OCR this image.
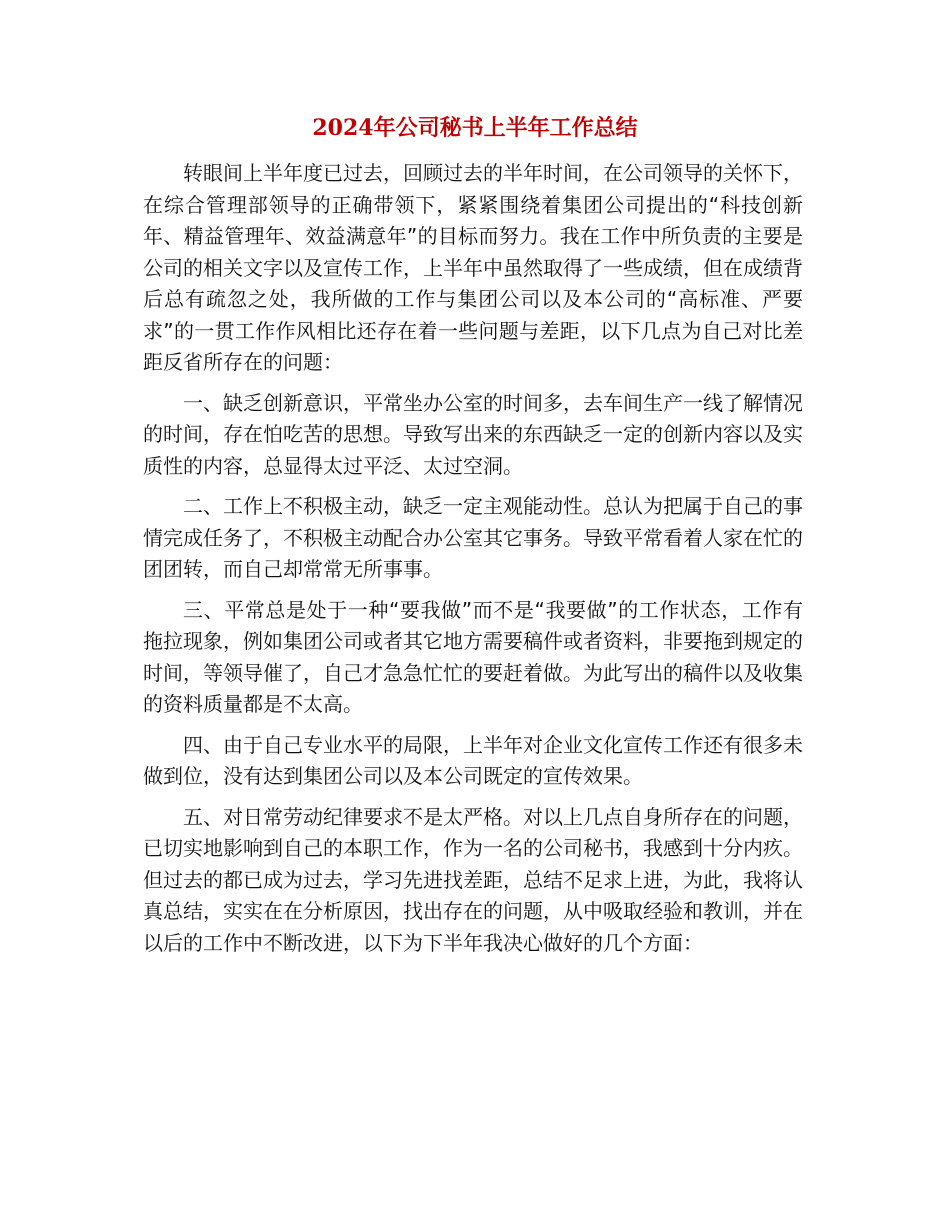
2024年公司秘书上半年工作总结

转眼间上半年度已过去，回顾过去的半年时间，在公司领导的关怀下，在综合管理部领导的正确带领下，紧紧围绕着集团公司提出的“科技创新年、精益管理年、效益满意年”的目标而努力。我在工作中所负责的主要是公司的相关文字以及宣传工作，上半年中虽然取得了一些成绩，但在成绩背后总有疏忽之处，我所做的工作与集团公司以及本公司的“高标准、严要求”的一贯工作作风相比还存在着一些问题与差距，以下几点为自己对比差距反省所存在的问题：

一、缺乏创新意识，平常坐办公室的时间多，去车间生产一线了解情况的时间，存在怕吃苦的思想。导致写出来的东西缺乏一定的创新内容以及实质性的内容，总显得太过平泛、太过空洞。

二、工作上不积极主动，缺乏一定主观能动性。总认为把属于自己的事情完成任务了，不积极主动配合办公室其它事务。导致平常看着人家在忙的团团转，而自己却常常无所事事。

三、平常总是处于一种“要我做”而不是“我要做”的工作状态，工作有拖拉现象，例如集团公司或者其它地方需要稿件或者资料，非要拖到规定的时间，等领导催了，自己才急急忙忙的要赶着做。为此写出的稿件以及收集的资料质量都是不太高。

四、由于自己专业水平的局限，上半年对企业文化宣传工作还有很多未做到位，没有达到集团公司以及本公司既定的宣传效果。

五、对日常劳动纪律要求不是太严格。对以上几点自身所存在的问题，已切实地影响到自己的本职工作，作为一名的公司秘书，我感到十分内疚。但过去的都已成为过去，学习先进找差距，总结不足求上进，为此，我将认真总结，实实在在分析原因，找出存在的问题，从中吸取经验和教训，并在以后的工作中不断改进，以下为下半年我决心做好的几个方面：
